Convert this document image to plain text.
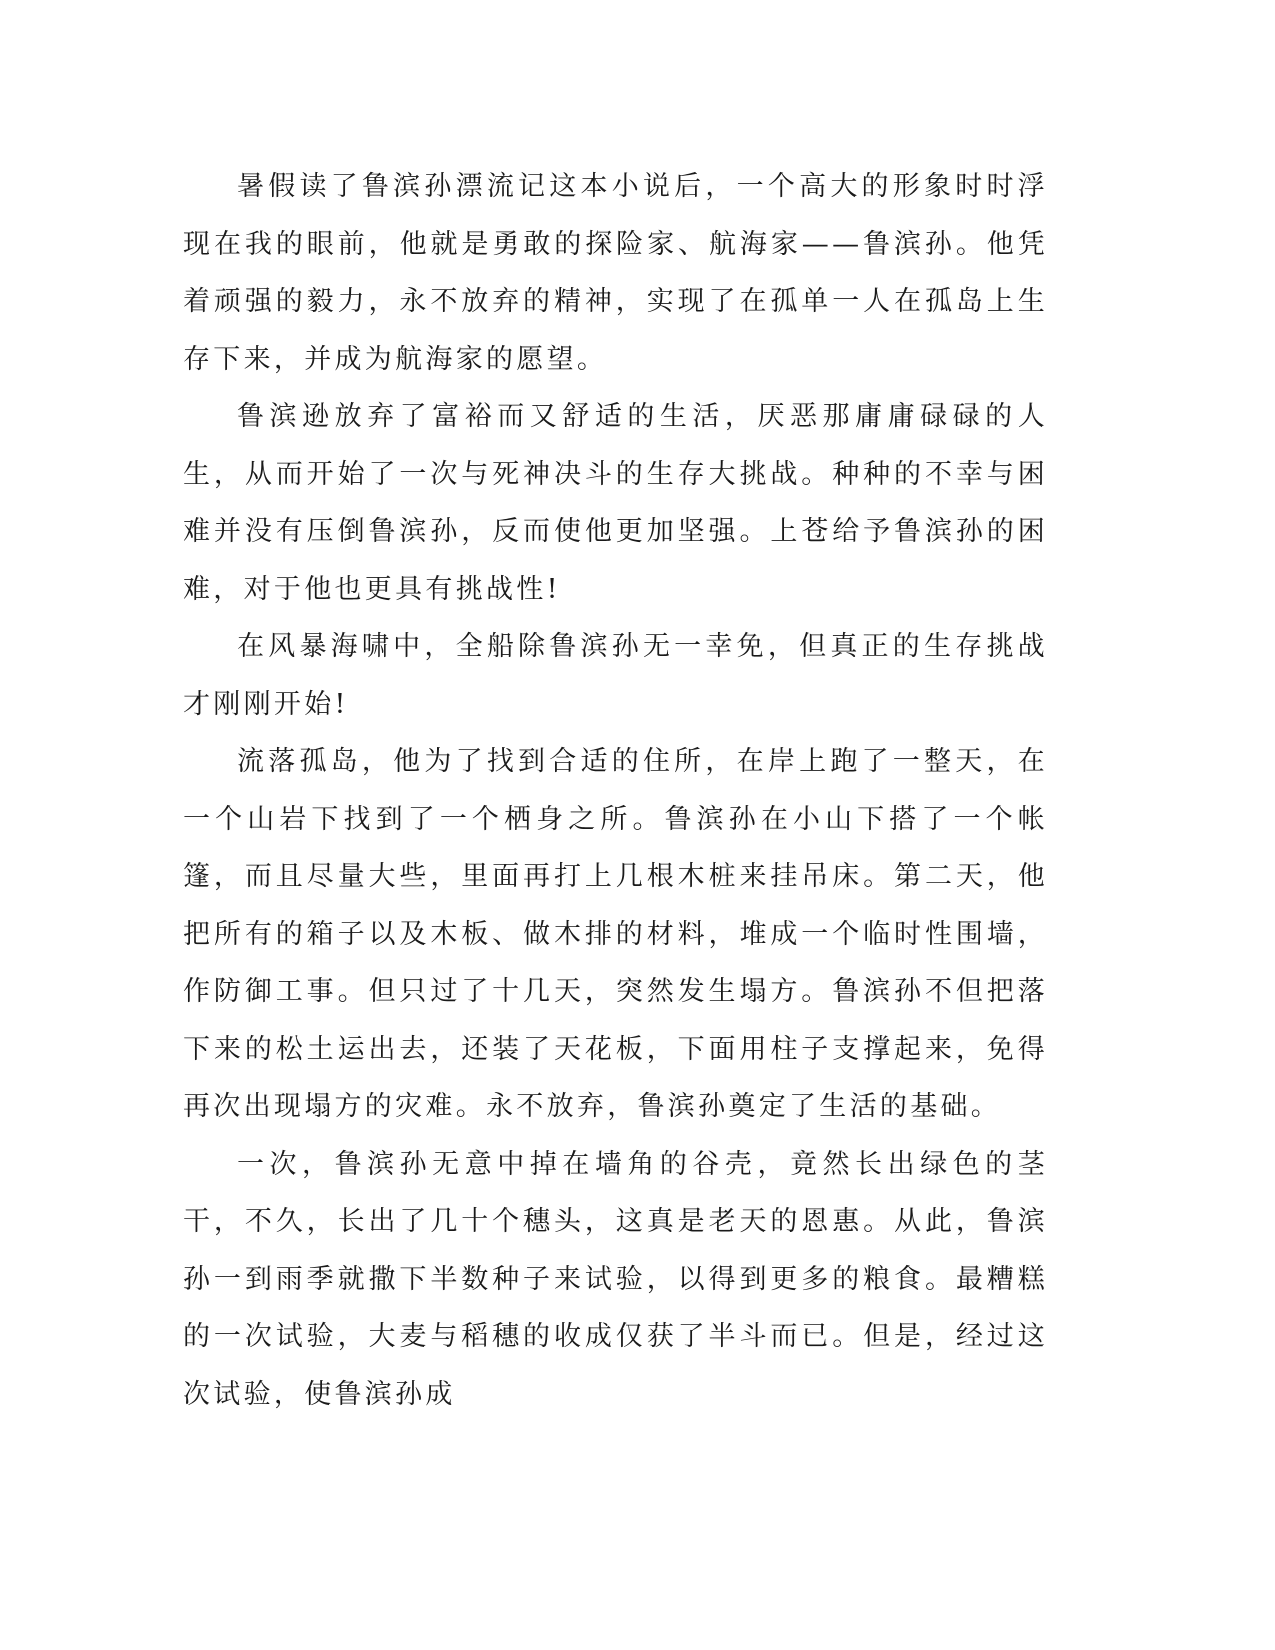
暑假读了鲁滨孙漂流记这本小说后，一个高大的形象时时浮现在我的眼前，他就是勇敢的探险家、航海家——鲁滨孙。他凭着顽强的毅力，永不放弃的精神，实现了在孤单一人在孤岛上生存下来，并成为航海家的愿望。

鲁滨逊放弃了富裕而又舒适的生活，厌恶那庸庸碌碌的人生，从而开始了一次与死神决斗的生存大挑战。种种的不幸与困难并没有压倒鲁滨孙，反而使他更加坚强。上苍给予鲁滨孙的困难，对于他也更具有挑战性!

在风暴海啸中，全船除鲁滨孙无一幸免，但真正的生存挑战才刚刚开始!

流落孤岛，他为了找到合适的住所，在岸上跑了一整天，在一个山岩下找到了一个栖身之所。鲁滨孙在小山下搭了一个帐篷，而且尽量大些，里面再打上几根木桩来挂吊床。第二天，他把所有的箱子以及木板、做木排的材料，堆成一个临时性围墙，作防御工事。但只过了十几天，突然发生塌方。鲁滨孙不但把落下来的松土运出去，还装了天花板，下面用柱子支撑起来，免得再次出现塌方的灾难。永不放弃，鲁滨孙奠定了生活的基础。

一次，鲁滨孙无意中掉在墙角的谷壳，竟然长出绿色的茎干，不久，长出了几十个穗头，这真是老天的恩惠。从此，鲁滨孙一到雨季就撒下半数种子来试验，以得到更多的粮食。最糟糕的一次试验，大麦与稻穗的收成仅获了半斗而已。但是，经过这次试验，使鲁滨孙成
